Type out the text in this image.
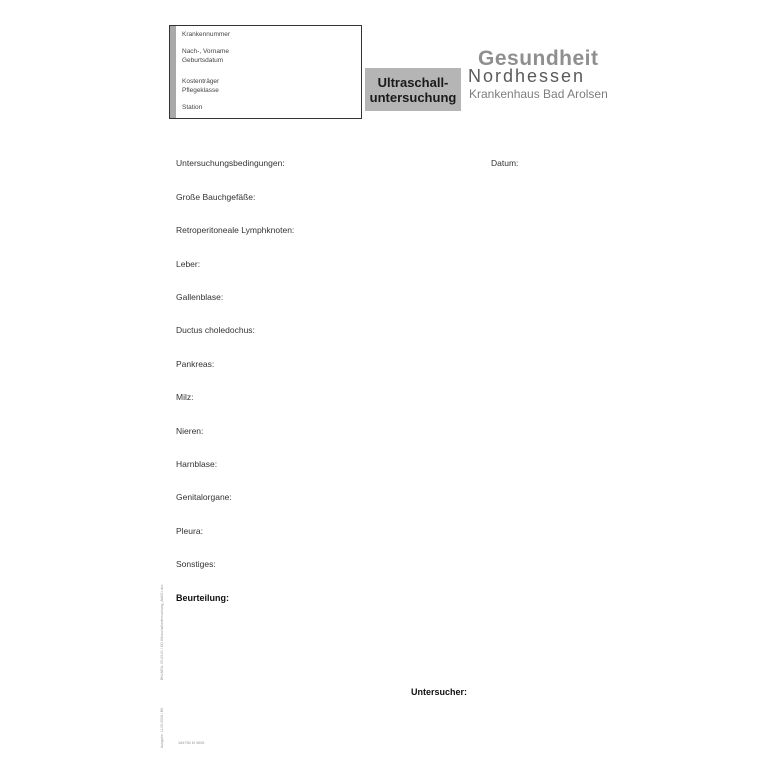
Krankennummer
Nach-, Vorname
Geburtsdatum
Kostenträger
Pflegeklasse
Station
Ultraschall-
untersuchung
Gesundheit
Nordhessen
Krankenhaus Bad Arolsen
Datum:
Untersuchungsbedingungen:
Große Bauchgefäße:
Retroperitoneale Lymphknoten:
Leber:
Gallenblase:
Ductus choledochus:
Pankreas:
Milz:
Nieren:
Harnblase:
Genitalorgane:
Pleura:
Sonstiges:
Beurteilung:
Untersucher:
BKLNRA: 09-03-01 / KD Ultraschalluntersuchung_Akt001.doc
Ausgabe: 11.06.2008 / BK	184756 M 0608
